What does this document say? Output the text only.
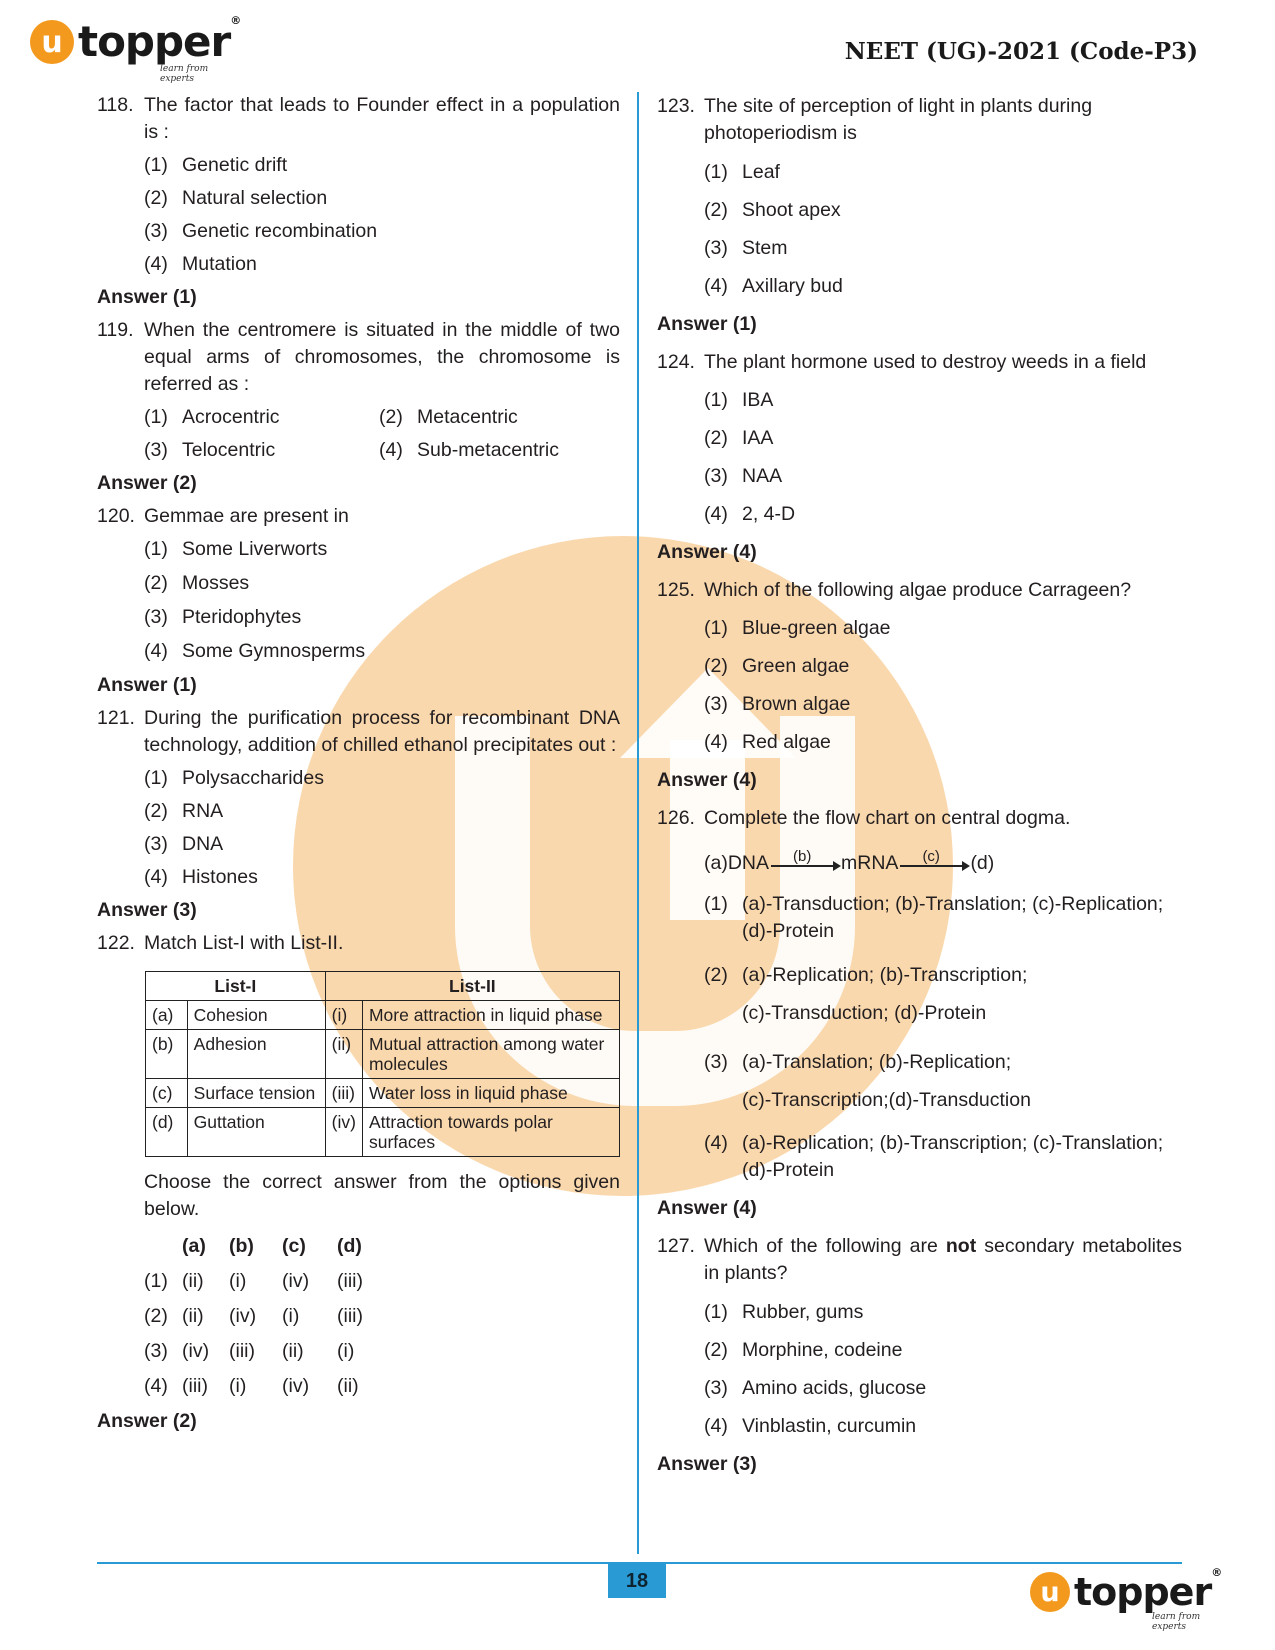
u topper ®
learn from experts
NEET (UG)-2021 (Code-P3)
118. The factor that leads to Founder effect in a population is :
(1) Genetic drift
(2) Natural selection
(3) Genetic recombination
(4) Mutation
Answer (1)
119. When the centromere is situated in the middle of two equal arms of chromosomes, the chromosome is referred as :
(1) Acrocentric	(2) Metacentric
(3) Telocentric	(4) Sub-metacentric
Answer (2)
120. Gemmae are present in
(1) Some Liverworts
(2) Mosses
(3) Pteridophytes
(4) Some Gymnosperms
Answer (1)
121. During the purification process for recombinant DNA technology, addition of chilled ethanol precipitates out :
(1) Polysaccharides
(2) RNA
(3) DNA
(4) Histones
Answer (3)
122. Match List-I with List-II.
List-I		List-II	
(a)	Cohesion	(i)	More attraction in liquid phase
(b)	Adhesion	(ii)	Mutual attraction among water molecules
(c)	Surface tension	(iii)	Water loss in liquid phase
(d)	Guttation	(iv)	Attraction towards polar surfaces
Choose the correct answer from the options given below.
	(a)	(b)	(c)	(d)
(1)	(ii)	(i)	(iv)	(iii)
(2)	(ii)	(iv)	(i)	(iii)
(3)	(iv)	(iii)	(ii)	(i)
(4)	(iii)	(i)	(iv)	(ii)
Answer (2)
123. The site of perception of light in plants during photoperiodism is
(1) Leaf
(2) Shoot apex
(3) Stem
(4) Axillary bud
Answer (1)
124. The plant hormone used to destroy weeds in a field
(1) IBA
(2) IAA
(3) NAA
(4) 2, 4-D
Answer (4)
125. Which of the following algae produce Carrageen?
(1) Blue-green algae
(2) Green algae
(3) Brown algae
(4) Red algae
Answer (4)
126. Complete the flow chart on central dogma.
(a)DNA (b) mRNA (c) (d)
(1) (a)-Transduction; (b)-Translation; (c)-Replication;
(d)-Protein
(2) (a)-Replication; (b)-Transcription;
(c)-Transduction; (d)-Protein
(3) (a)-Translation; (b)-Replication;
(c)-Transcription;(d)-Transduction
(4) (a)-Replication; (b)-Transcription; (c)-Translation;
(d)-Protein
Answer (4)
127. Which of the following are not secondary metabolites in plants?
(1) Rubber, gums
(2) Morphine, codeine
(3) Amino acids, glucose
(4) Vinblastin, curcumin
Answer (3)
18	u topper ®
learn from experts
